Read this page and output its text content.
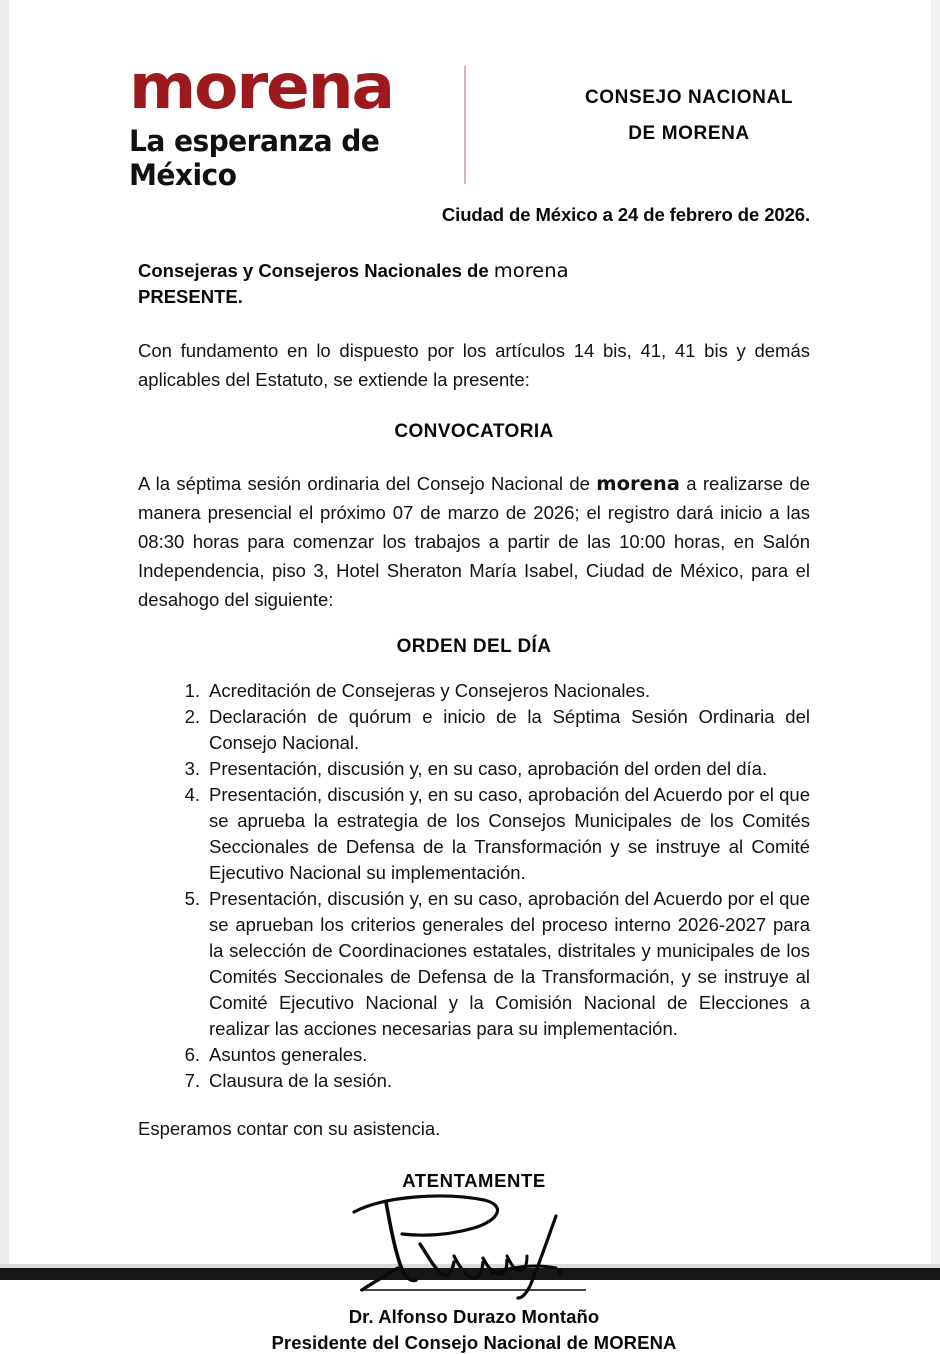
morena
La esperanza de México
CONSEJO NACIONAL
DE MORENA

Ciudad de México a 24 de febrero de 2026.

Consejeras y Consejeros Nacionales de morena
PRESENTE.

Con fundamento en lo dispuesto por los artículos 14 bis, 41, 41 bis y demás aplicables del Estatuto, se extiende la presente:

CONVOCATORIA

A la séptima sesión ordinaria del Consejo Nacional de morena a realizarse de manera presencial el próximo 07 de marzo de 2026; el registro dará inicio a las 08:30 horas para comenzar los trabajos a partir de las 10:00 horas, en Salón Independencia, piso 3, Hotel Sheraton María Isabel, Ciudad de México, para el desahogo del siguiente:

ORDEN DEL DÍA

Acreditación de Consejeras y Consejeros Nacionales.
Declaración de quórum e inicio de la Séptima Sesión Ordinaria del Consejo Nacional.
Presentación, discusión y, en su caso, aprobación del orden del día.
Presentación, discusión y, en su caso, aprobación del Acuerdo por el que se aprueba la estrategia de los Consejos Municipales de los Comités Seccionales de Defensa de la Transformación y se instruye al Comité Ejecutivo Nacional su implementación.
Presentación, discusión y, en su caso, aprobación del Acuerdo por el que se aprueban los criterios generales del proceso interno 2026-2027 para la selección de Coordinaciones estatales, distritales y municipales de los Comités Seccionales de Defensa de la Transformación, y se instruye al Comité Ejecutivo Nacional y la Comisión Nacional de Elecciones a realizar las acciones necesarias para su implementación.
Asuntos generales.
Clausura de la sesión.

Esperamos contar con su asistencia.

ATENTAMENTE

Dr. Alfonso Durazo Montaño

Presidente del Consejo Nacional de MORENA
